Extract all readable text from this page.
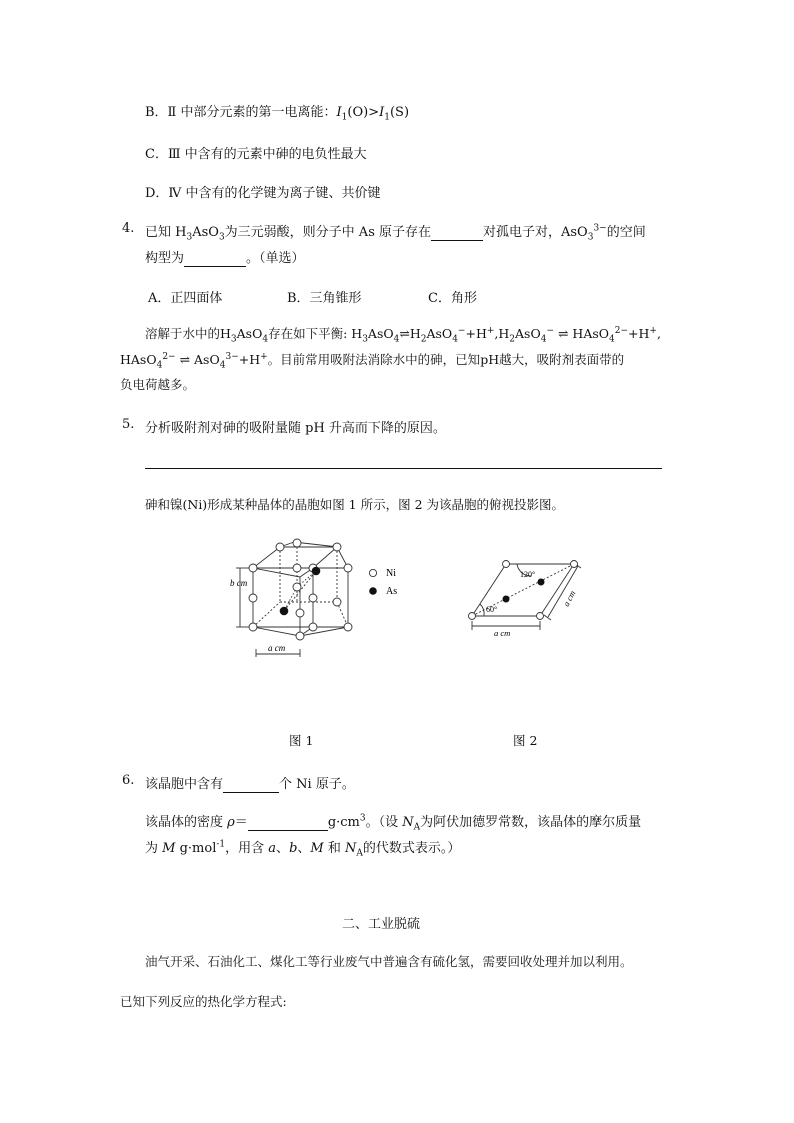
B．Ⅱ 中部分元素的第一电离能：$I_1(O)>I_1(S)$
C．Ⅲ 中含有的元素中砷的电负性最大
D．Ⅳ 中含有的化学键为离子键、共价键
4. 已知 $H_3AsO_3$为三元弱酸，则分子中 As 原子存在	对孤电子对，AsO$_3^{3-}$的空间
构型为	。（单选）
A．正四面体	B．三角锥形	C．角形
溶解于水中的$H_3AsO_4$存在如下平衡: $H_3AsO_4\rightleftharpoons H_2AsO_4^-+H^+,H_2AsO_4^-$ ⇌ HAsO$_4^{2-}$+H+,
HAsO$_4^{2-}$ ⇌ AsO$_4^{3-}$+H+。目前常用吸附法消除水中的砷，已知pH越大，吸附剂表面带的
负电荷越多。
5. 分析吸附剂对砷的吸附量随 pH 升高而下降的原因。
砷和镍(Ni)形成某种晶体的晶胞如图 1 所示，图 2 为该晶胞的俯视投影图。
Ni
As
b cm
a cm
120°
60°
a cm
a cm
图 1	图 2
6. 该晶胞中含有	个 Ni 原子。
该晶体的密度 ρ＝	$g\cdot cm^3$。（设 $N_A$为阿伏加德罗常数，该晶体的摩尔质量
为 M g·mol$^{-1}$，用含 a、b、M 和 $N_A$的代数式表示。）
二、工业脱硫
油气开采、石油化工、煤化工等行业废气中普遍含有硫化氢，需要回收处理并加以利用。
已知下列反应的热化学方程式:
